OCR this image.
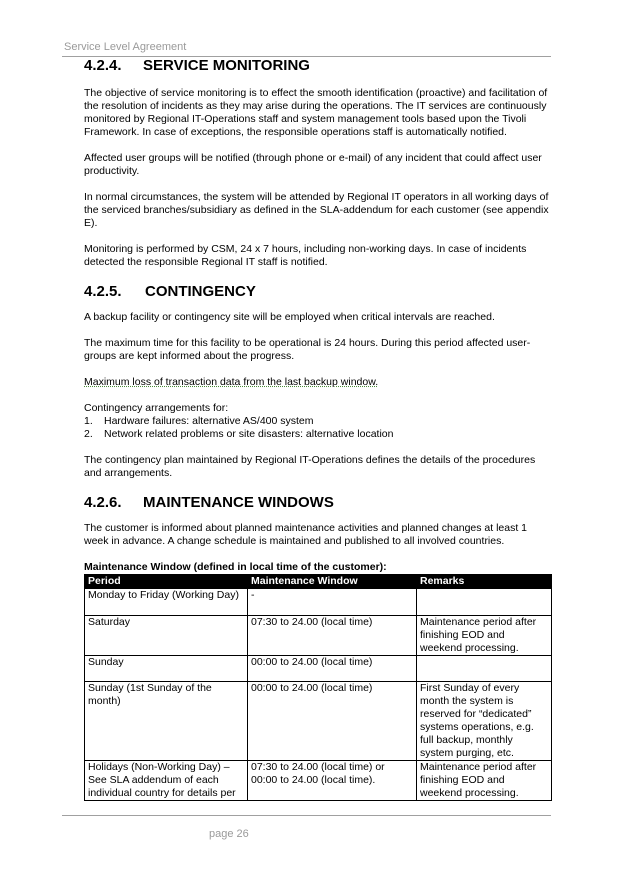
Service Level Agreement
4.2.4.	SERVICE MONITORING

The objective of service monitoring is to effect the smooth identification (proactive) and facilitation of the resolution of incidents as they may arise during the operations. The IT services are continuously monitored by Regional IT-Operations staff and system management tools based upon the Tivoli Framework. In case of exceptions, the responsible operations staff is automatically notified.

Affected user groups will be notified (through phone or e-mail) of any incident that could affect user productivity.

In normal circumstances, the system will be attended by Regional IT operators in all working days of the serviced branches/subsidiary as defined in the SLA-addendum for each customer (see appendix E).

Monitoring is performed by CSM, 24 x 7 hours, including non-working days. In case of incidents detected the responsible Regional IT staff is notified.

4.2.5.	CONTINGENCY

A backup facility or contingency site will be employed when critical intervals are reached.

The maximum time for this facility to be operational is 24 hours. During this period affected user-groups are kept informed about the progress.

Maximum loss of transaction data from the last backup window.

Contingency arrangements for:

1.	Hardware failures: alternative AS/400 system
2.	Network related problems or site disasters: alternative location

The contingency plan maintained by Regional IT-Operations defines the details of the procedures and arrangements.

4.2.6.	MAINTENANCE WINDOWS

The customer is informed about planned maintenance activities and planned changes at least 1 week in advance. A change schedule is maintained and published to all involved countries.

Maintenance Window (defined in local time of the customer):

Period	Maintenance Window	Remarks
Monday to Friday (Working Day)	-	
Saturday	07:30 to 24.00 (local time)	Maintenance period after finishing EOD and weekend processing.
Sunday	00:00 to 24.00 (local time)	
Sunday (1st Sunday of the month)	00:00 to 24.00 (local time)	First Sunday of every month the system is reserved for “dedicated” systems operations, e.g. full backup, monthly system purging, etc.
Holidays (Non-Working Day) – See SLA addendum of each individual country for details per	07:30 to 24.00 (local time) or 00:00 to 24.00 (local time).	Maintenance period after finishing EOD and weekend processing.
page 26
